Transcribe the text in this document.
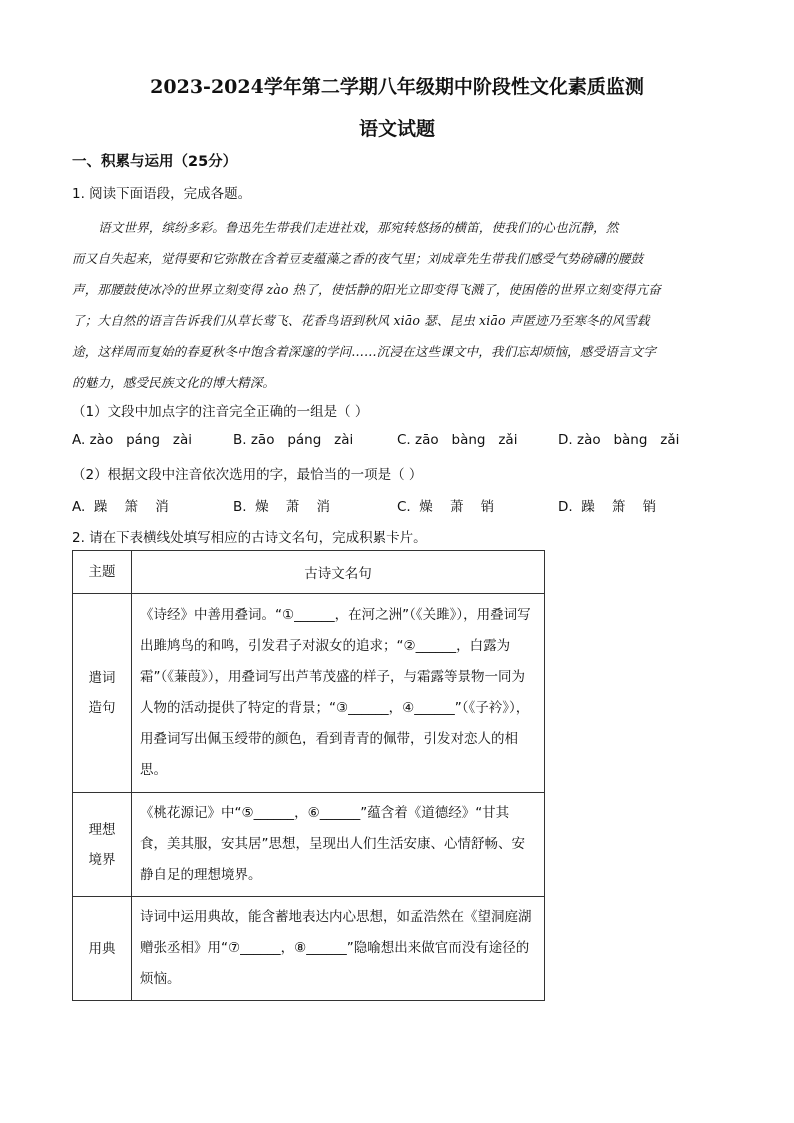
2023-2024学年第二学期八年级期中阶段性文化素质监测
语文试题
一、积累与运用（25分）
1. 阅读下面语段，完成各题。
语文世界，缤纷多彩。鲁迅先生带我们走进社戏，那宛转悠扬的横笛，使我们的心也沉静，然
而又自失起来，觉得要和它弥散在含着豆麦蕴藻之香的夜气里；刘成章先生带我们感受气势磅礴的腰鼓
声，那腰鼓使冰冷的世界立刻变得 zào 热了，使恬静的阳光立即变得飞溅了，使困倦的世界立刻变得亢奋
了；大自然的语言告诉我们从草长莺飞、花香鸟语到秋风 xiāo 瑟、昆虫 xiāo 声匿迹乃至寒冬的风雪载
途，这样周而复始的春夏秋冬中饱含着深邃的学问……沉浸在这些课文中，我们忘却烦恼，感受语言文字
的魅力，感受民族文化的博大精深。
（1）文段中加点字的注音完全正确的一组是（ ）
A. zào   páng   zài	B. zāo   páng   zài	C. zāo   bàng   zǎi	D. zào   bàng   zǎi
（2）根据文段中注音依次选用的字，最恰当的一项是（ ）
A.  躁    箫    消	B.  燥    萧    消	C.  燥    萧    销	D.  躁    箫    销
2. 请在下表横线处填写相应的古诗文名句，完成积累卡片。
主题	古诗文名句
遣词造句	《诗经》中善用叠词。“①______，在河之洲”（《关雎》），用叠词写出雎鸠鸟的和鸣，引发君子对淑女的追求；“②______，白露为霜”（《蒹葭》），用叠词写出芦苇茂盛的样子，与霜露等景物一同为人物的活动提供了特定的背景；“③______，④______”（《子衿》），用叠词写出佩玉绶带的颜色，看到青青的佩带，引发对恋人的相思。
理想境界	《桃花源记》中“⑤______，⑥______”蕴含着《道德经》“甘其食，美其服，安其居”思想，呈现出人们生活安康、心情舒畅、安静自足的理想境界。
用典	诗词中运用典故，能含蓄地表达内心思想，如孟浩然在《望洞庭湖赠张丞相》用“⑦______，⑧______”隐喻想出来做官而没有途径的烦恼。
